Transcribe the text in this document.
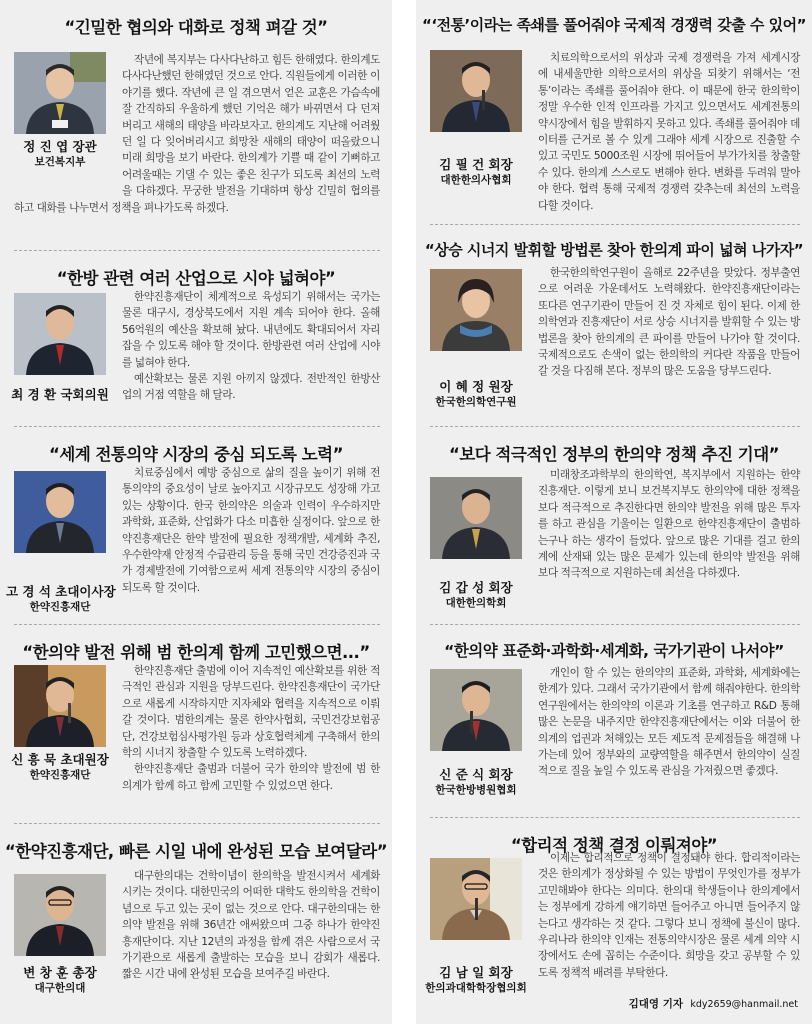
“긴밀한 협의와 대화로 정책 펴갈 것”
정 진 엽 장관
보건복지부

작년에 복지부는 다사다난하고 힘든 한해였다. 한의계도 다사다난했던 한해였던 것으로 안다. 직원들에게 이러한 이야기를 했다. 작년에 큰 일 겪으면서 얻은 교훈은 가슴속에 잘 간직하되 우울하게 했던 기억은 해가 바뀌면서 다 던져버리고 새해의 태양을 바라보자고. 한의계도 지난해 어려웠던 일 다 잊어버리시고 희망찬 새해의 태양이 떠올랐으니 미래 희망을 보기 바란다. 한의계가 기쁠 때 같이 기뻐하고 어려울때는 기댈 수 있는 좋은 친구가 되도록 최선의 노력을 다하겠다. 무궁한 발전을 기대하며 항상 긴밀히 협의를 하고 대화를 나누면서 정책을 펴나가도록 하겠다.

“한방 관련 여러 산업으로 시야 넓혀야”
최 경 환 국회의원

한약진흥재단이 체계적으로 육성되기 위해서는 국가는 물론 대구시, 경상북도에서 지원 계속 되어야 한다. 올해 56억원의 예산을 확보해 놨다. 내년에도 확대되어서 자리잡을 수 있도록 해야 할 것이다. 한방관련 여러 산업에 시야를 넓혀야 한다.

예산확보는 물론 지원 아끼지 않겠다. 전반적인 한방산업의 거점 역할을 해 달라.

“세계 전통의약 시장의 중심 되도록 노력”
고 경 석 초대이사장
한약진흥재단

치료중심에서 예방 중심으로 삶의 질을 높이기 위해 전통의약의 중요성이 날로 높아지고 시장규모도 성장해 가고 있는 상황이다. 한국 한의약은 의술과 인력이 우수하지만 과학화, 표준화, 산업화가 다소 미흡한 실정이다. 앞으로 한약진흥재단은 한약 발전에 필요한 정책개발, 세계화 추진, 우수한약재 안정적 수급관리 등을 통해 국민 건강증진과 국가 경제발전에 기여함으로써 세계 전통의약 시장의 중심이 되도록 할 것이다.

“한의약 발전 위해 범 한의계 함께 고민했으면...”
신 흥 묵 초대원장
한약진흥재단

한약진흥재단 출범에 이어 지속적인 예산확보를 위한 적극적인 관심과 지원을 당부드린다. 한약진흥재단이 국가단으로 새롭게 시작하지만 지자체와 협력을 지속적으로 이뤄갈 것이다. 범한의계는 물론 한약사협회, 국민건강보험공단, 건강보험심사평가원 등과 상호협력체계 구축해서 한의학의 시너지 창출할 수 있도록 노력하겠다.

한약진흥재단 출범과 더불어 국가 한의약 발전에 범 한의계가 함께 하고 함께 고민할 수 있었으면 한다.

“한약진흥재단, 빠른 시일 내에 완성된 모습 보여달라”
변 창 훈 총장
대구한의대

대구한의대는 건학이념이 한의학을 발전시켜서 세계화 시키는 것이다. 대한민국의 어떠한 대학도 한의학을 건학이념으로 두고 있는 곳이 없는 것으로 안다. 대구한의대는 한의약 발전을 위해 36년간 애써왔으며 그중 하나가 한약진흥재단이다. 지난 12년의 과정을 함께 겪은 사람으로서 국가기관으로 새롭게 출발하는 모습을 보니 감회가 새롭다. 짧은 시간 내에 완성된 모습을 보여주길 바란다.

“‘전통’이라는 족쇄를 풀어줘야 국제적 경쟁력 갖출 수 있어”
김 필 건 회장
대한한의사협회

치료의학으로서의 위상과 국제 경쟁력을 가져 세계시장에 내세울만한 의학으로서의 위상을 되찾기 위해서는 ‘전통’이라는 족쇄를 풀어줘야 한다. 이 때문에 한국 한의학이 정말 우수한 인적 인프라를 가지고 있으면서도 세계전통의약시장에서 힘을 발휘하지 못하고 있다. 족쇄를 풀어줘야 데이터를 근거로 볼 수 있게 그래야 세계 시장으로 진출할 수 있고 국민도 5000조원 시장에 뛰어들어 부가가치를 창출할 수 있다. 한의계 스스로도 변해야 한다. 변화를 두려워 말아야 한다. 협력 통해 국제적 경쟁력 갖추는데 최선의 노력을 다할 것이다.

“상승 시너지 발휘할 방법론 찾아 한의계 파이 넓혀 나가자”
이 혜 정 원장
한국한의학연구원

한국한의학연구원이 올해로 22주년을 맞았다. 정부출연으로 어려운 가운데서도 노력해왔다. 한약진흥재단이라는 또다른 연구기관이 만들어 진 것 자체로 힘이 된다. 이제 한의학연과 진흥재단이 서로 상승 시너지를 발휘할 수 있는 방법론을 찾아 한의계의 큰 파이를 만들어 나가야 할 것이다. 국제적으로도 손색이 없는 한의학의 커다란 작품을 만들어 갈 것을 다짐해 본다. 정부의 많은 도움을 당부드린다.

“보다 적극적인 정부의 한의약 정책 추진 기대”
김 갑 성 회장
대한한의학회

미래창조과학부의 한의학연, 복지부에서 지원하는 한약진흥재단. 이렇게 보니 보건복지부도 한의약에 대한 정책을 보다 적극적으로 추진한다면 한의약 발전을 위해 많은 투자를 하고 관심을 기울이는 일환으로 한약진흥재단이 출범하는구나 하는 생각이 들었다. 앞으로 많은 기대를 걸고 한의계에 산재돼 있는 많은 문제가 있는데 한의약 발전을 위해 보다 적극적으로 지원하는데 최선을 다하겠다.

“한의약 표준화·과학화·세계화, 국가기관이 나서야”
신 준 식 회장
한국한방병원협회

개인이 할 수 있는 한의약의 표준화, 과학화, 세계화에는 한계가 있다. 그래서 국가기관에서 함께 해줘야한다. 한의학연구원에서는 한의약의 이론과 기초를 연구하고 R&D 통해 많은 논문을 내주지만 한약진흥재단에서는 이와 더불어 한의계의 업권과 처해있는 모든 제도적 문제점들을 해결해 나가는데 있어 정부와의 교량역할을 해주면서 한의약이 실질적으로 질을 높일 수 있도록 관심을 가져줬으면 좋겠다.

“합리적 정책 결정 이뤄져야”
김 남 일 회장
한의과대학학장협의회

이제는 합리적으로 정책이 결정돼야 한다. 합리적이라는 것은 한의계가 정상화될 수 있는 방법이 무엇인가를 정부가 고민해봐야 한다는 의미다. 한의대 학생들이나 한의계에서는 정부에게 강하게 얘기하면 들어주고 아니면 들어주지 않는다고 생각하는 것 같다. 그렇다 보니 정책에 불신이 많다. 우리나라 한의약 인재는 전통의약시장은 물론 세계 의약 시장에서도 손에 꼽히는 수준이다. 희망을 갖고 공부할 수 있도록 정책적 배려를 부탁한다.

김대영 기자 kdy2659@hanmail.net
